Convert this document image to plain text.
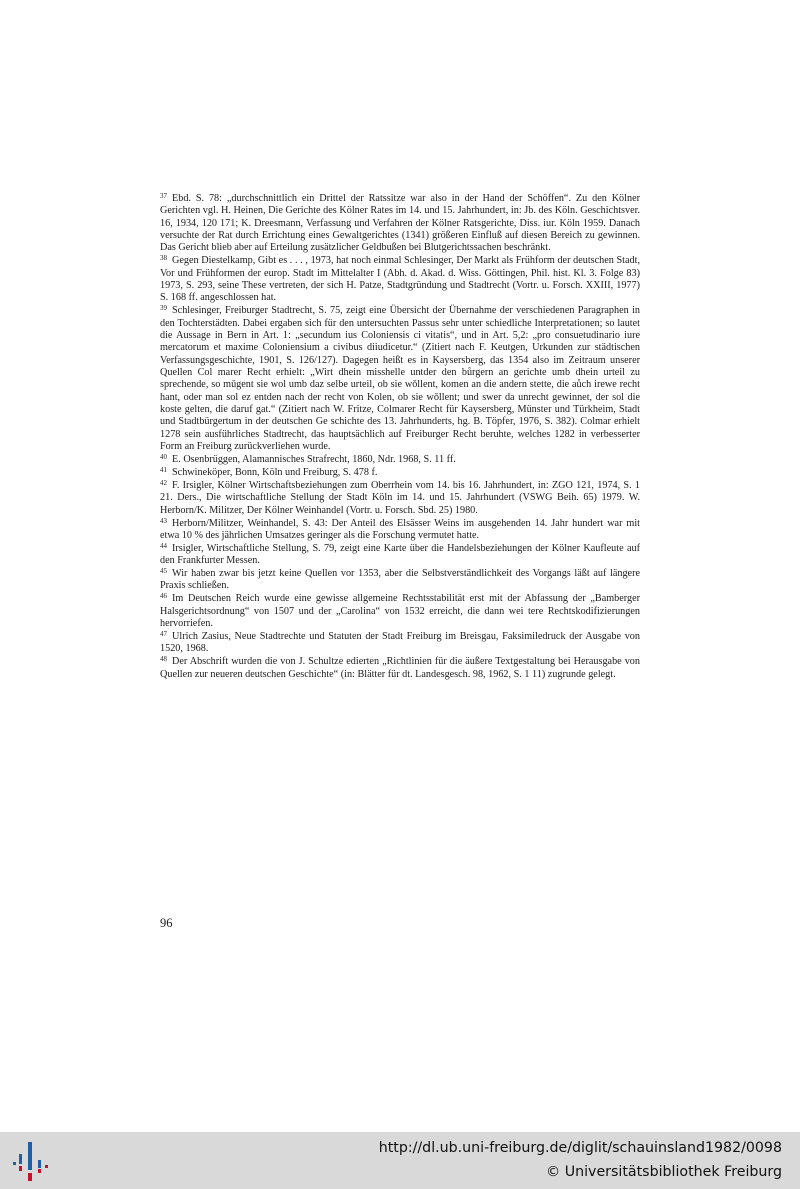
37 Ebd. S. 78: „durchschnittlich ein Drittel der Ratssitze war also in der Hand der Schöffen“. Zu den Kölner Gerichten vgl. H. Heinen, Die Gerichte des Kölner Rates im 14. und 15. Jahrhundert, in: Jb. des Köln. Geschichtsver. 16, 1934, 120 171; K. Dreesmann, Verfassung und Verfahren der Kölner Ratsgerichte, Diss. iur. Köln 1959. Danach versuchte der Rat durch Errichtung eines Gewaltgerichtes (1341) größeren Einfluß auf diesen Bereich zu gewinnen. Das Gericht blieb aber auf Erteilung zusätzlicher Geldbußen bei Blutgerichtssachen beschränkt.
38 Gegen Diestelkamp, Gibt es . . . , 1973, hat noch einmal Schlesinger, Der Markt als Frühform der deutschen Stadt, Vor und Frühformen der europ. Stadt im Mittelalter I (Abh. d. Akad. d. Wiss. Göttingen, Phil. hist. Kl. 3. Folge 83) 1973, S. 293, seine These vertreten, der sich H. Patze, Stadtgründung und Stadtrecht (Vortr. u. Forsch. XXIII, 1977) S. 168 ff. angeschlossen hat.
39 Schlesinger, Freiburger Stadtrecht, S. 75, zeigt eine Übersicht der Übernahme der verschiedenen Paragraphen in den Tochterstädten. Dabei ergaben sich für den untersuchten Passus sehr unter schiedliche Interpretationen; so lautet die Aussage in Bern in Art. 1: „secundum ius Coloniensis ci vitatis“, und in Art. 5,2: „pro consuetudinario iure mercatorum et maxime Coloniensium a civibus diiudicetur.“ (Zitiert nach F. Keutgen, Urkunden zur städtischen Verfassungsgeschichte, 1901, S. 126/127). Dagegen heißt es in Kaysersberg, das 1354 also im Zeitraum unserer Quellen Col marer Recht erhielt: „Wirt dhein misshelle untder den bůrgern an gerichte umb dhein urteil zu sprechende, so mǔgent sie wol umb daz selbe urteil, ob sie wǒllent, komen an die andern stette, die aůch irewe recht hant, oder man sol ez entden nach der recht von Kolen, ob sie wǒllent; und swer da unrecht gewinnet, der sol die koste gelten, die daruf gat.“ (Zitiert nach W. Fritze, Colmarer Recht für Kaysersberg, Münster und Türkheim, Stadt und Stadtbürgertum in der deutschen Ge schichte des 13. Jahrhunderts, hg. B. Töpfer, 1976, S. 382). Colmar erhielt 1278 sein ausführliches Stadtrecht, das hauptsächlich auf Freiburger Recht beruhte, welches 1282 in verbesserter Form an Freiburg zurückverliehen wurde.
40 E. Osenbrüggen, Alamannisches Strafrecht, 1860, Ndr. 1968, S. 11 ff.
41 Schwineköper, Bonn, Köln und Freiburg, S. 478 f.
42 F. Irsigler, Kölner Wirtschaftsbeziehungen zum Oberrhein vom 14. bis 16. Jahrhundert, in: ZGO 121, 1974, S. 1 21. Ders., Die wirtschaftliche Stellung der Stadt Köln im 14. und 15. Jahrhundert (VSWG Beih. 65) 1979. W. Herborn/K. Militzer, Der Kölner Weinhandel (Vortr. u. Forsch. Sbd. 25) 1980.
43 Herborn/Militzer, Weinhandel, S. 43: Der Anteil des Elsässer Weins im ausgehenden 14. Jahr hundert war mit etwa 10 % des jährlichen Umsatzes geringer als die Forschung vermutet hatte.
44 Irsigler, Wirtschaftliche Stellung, S. 79, zeigt eine Karte über die Handelsbeziehungen der Kölner Kaufleute auf den Frankfurter Messen.
45 Wir haben zwar bis jetzt keine Quellen vor 1353, aber die Selbstverständlichkeit des Vorgangs läßt auf längere Praxis schließen.
46 Im Deutschen Reich wurde eine gewisse allgemeine Rechtsstabilität erst mit der Abfassung der „Bamberger Halsgerichtsordnung“ von 1507 und der „Carolina“ von 1532 erreicht, die dann wei tere Rechtskodifizierungen hervorriefen.
47 Ulrich Zasius, Neue Stadtrechte und Statuten der Stadt Freiburg im Breisgau, Faksimiledruck der Ausgabe von 1520, 1968.
48 Der Abschrift wurden die von J. Schultze edierten „Richtlinien für die äußere Textgestaltung bei Herausgabe von Quellen zur neueren deutschen Geschichte“ (in: Blätter für dt. Landesgesch. 98, 1962, S. 1 11) zugrunde gelegt.
96
http://dl.ub.uni-freiburg.de/diglit/schauinsland1982/0098
© Universitätsbibliothek Freiburg
